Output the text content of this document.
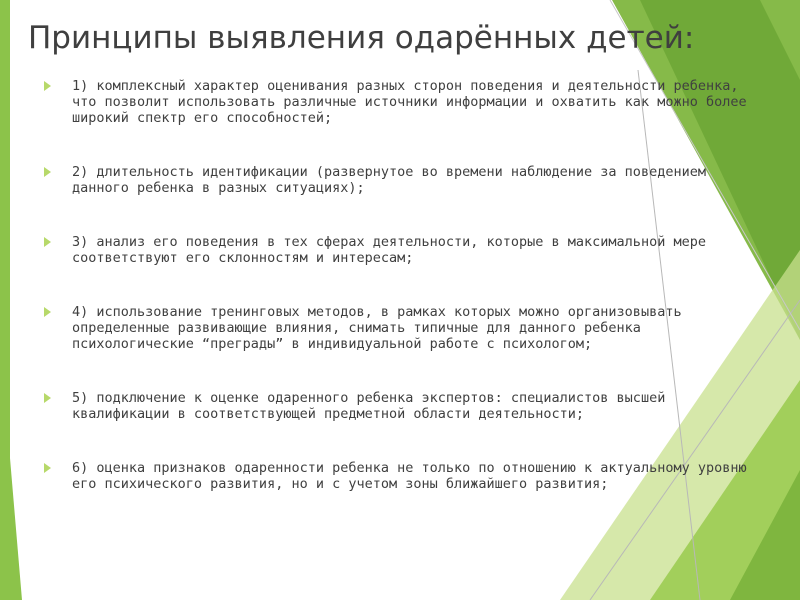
Принципы выявления одарённых детей:
1) комплексный характер оценивания разных сторон поведения и деятельности ребенка, что позволит использовать различные источники информации и охватить как можно более широкий спектр его способностей;
2) длительность идентификации (развернутое во времени наблюдение за поведением данного ребенка в разных ситуациях);
3) анализ его поведения в тех сферах деятельности, которые в максимальной мере соответствуют его склонностям и интересам;
4) использование тренинговых методов, в рамках которых можно организовывать определенные развивающие влияния, снимать типичные для данного ребенка психологические “преграды” в индивидуальной работе с психологом;
5) подключение к оценке одаренного ребенка экспертов: специалистов высшей квалификации в соответствующей предметной области деятельности;
6) оценка признаков одаренности ребенка не только по отношению к актуальному уровню его психического развития, но и с учетом зоны ближайшего развития;
